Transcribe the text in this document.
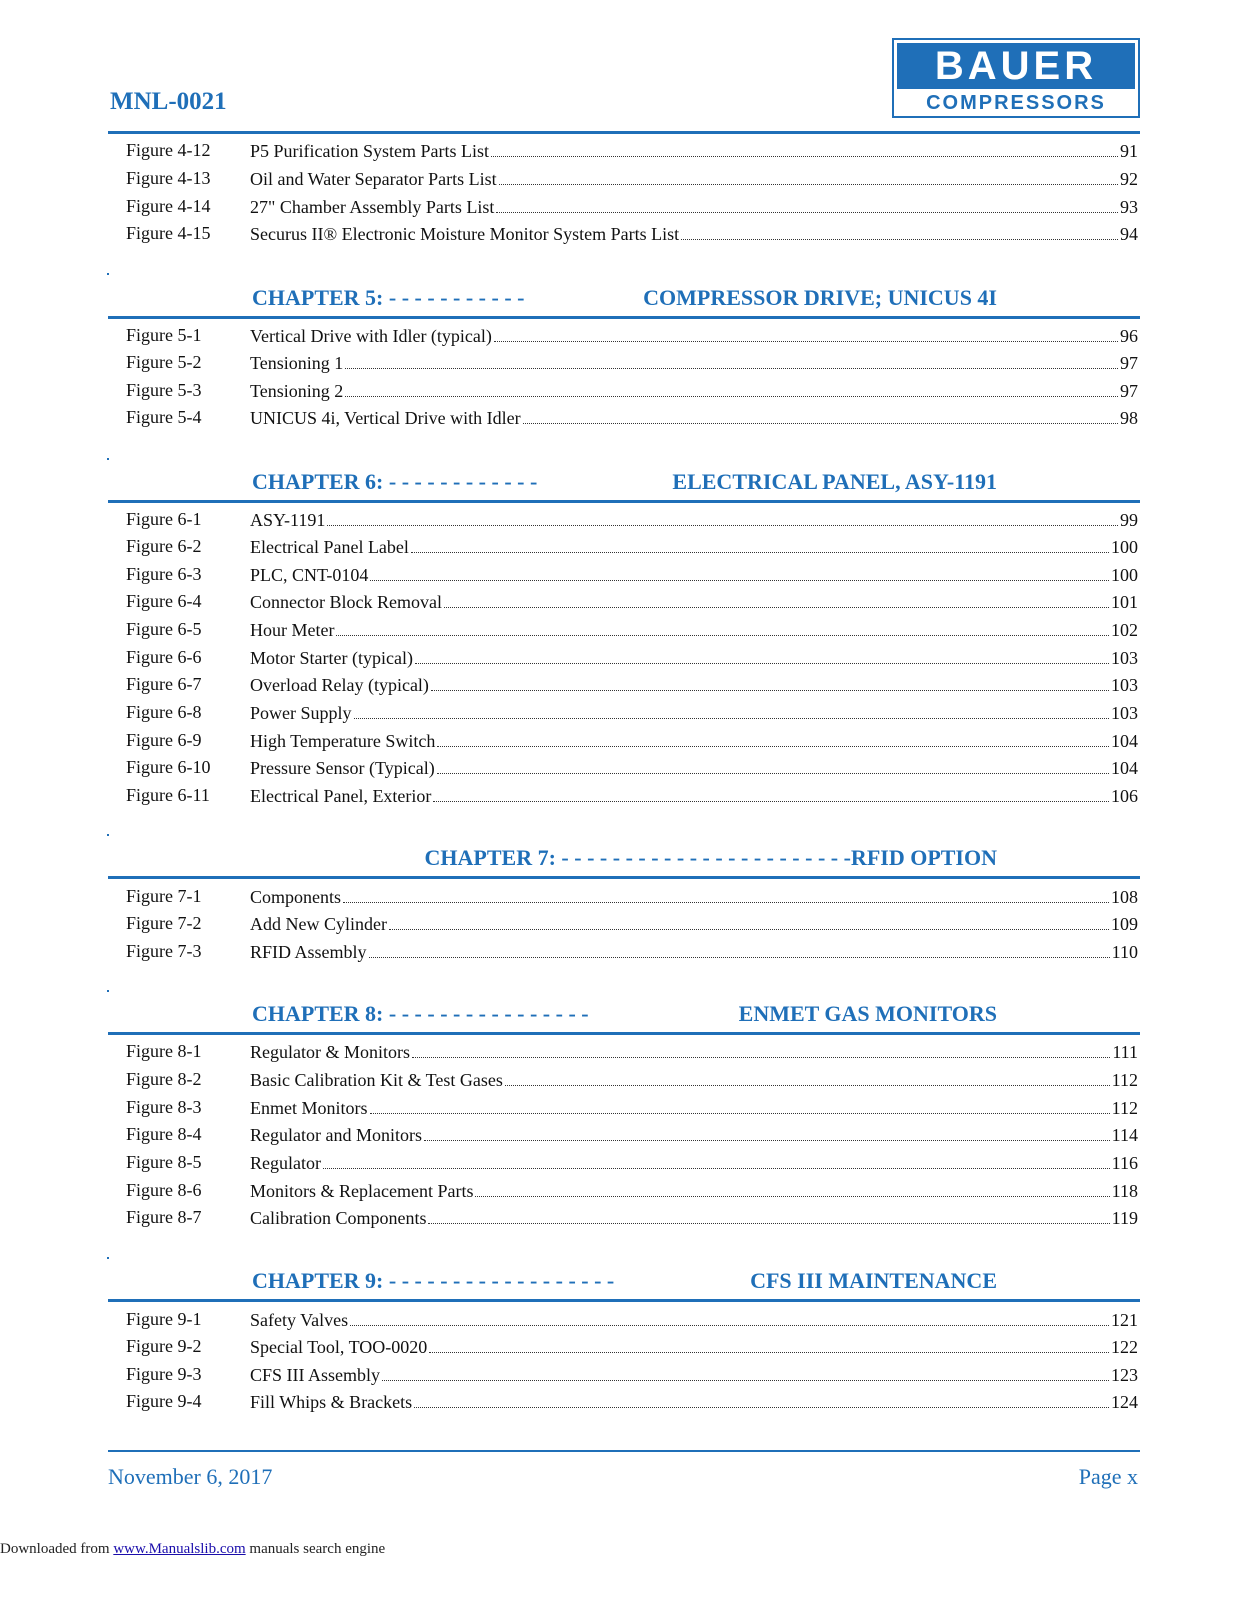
MNL-0021
BAUER
COMPRESSORS
Figure 4-12	P5 Purification System Parts List	91
Figure 4-13	Oil and Water Separator Parts List	92
Figure 4-14	27" Chamber Assembly Parts List	93
Figure 4-15	Securus II® Electronic Moisture Monitor System Parts List	94

CHAPTER 5: - - - - - - - - - - -

	COMPRESSOR DRIVE; UNICUS 4I

Figure 5-1	Vertical Drive with Idler (typical)	96
Figure 5-2	Tensioning 1	97
Figure 5-3	Tensioning 2	97
Figure 5-4	UNICUS 4i, Vertical Drive with Idler	98

CHAPTER 6: - - - - - - - - - - - -

	ELECTRICAL PANEL, ASY-1191

Figure 6-1	ASY-1191	99
Figure 6-2	Electrical Panel Label	100
Figure 6-3	PLC, CNT-0104	100
Figure 6-4	Connector Block Removal	101
Figure 6-5	Hour Meter	102
Figure 6-6	Motor Starter (typical)	103
Figure 6-7	Overload Relay (typical)	103
Figure 6-8	Power Supply	103
Figure 6-9	High Temperature Switch	104
Figure 6-10	Pressure Sensor (Typical)	104
Figure 6-11	Electrical Panel, Exterior	106

CHAPTER 7: - - - - - - - - - - - - - - - - - - - - - - -RFID OPTION

Figure 7-1	Components	108
Figure 7-2	Add New Cylinder	109
Figure 7-3	RFID Assembly	110

CHAPTER 8: - - - - - - - - - - - - - - - -

	ENMET GAS MONITORS

Figure 8-1	Regulator & Monitors	111
Figure 8-2	Basic Calibration Kit & Test Gases	112
Figure 8-3	Enmet Monitors	112
Figure 8-4	Regulator and Monitors	114
Figure 8-5	Regulator	116
Figure 8-6	Monitors & Replacement Parts	118
Figure 8-7	Calibration Components	119

CHAPTER 9: - - - - - - - - - - - - - - - - - -

	CFS III MAINTENANCE

Figure 9-1	Safety Valves	121
Figure 9-2	Special Tool, TOO-0020	122
Figure 9-3	CFS III Assembly	123
Figure 9-4	Fill Whips & Brackets	124
November 6, 2017	Page x
Downloaded from www.Manualslib.com manuals search engine
